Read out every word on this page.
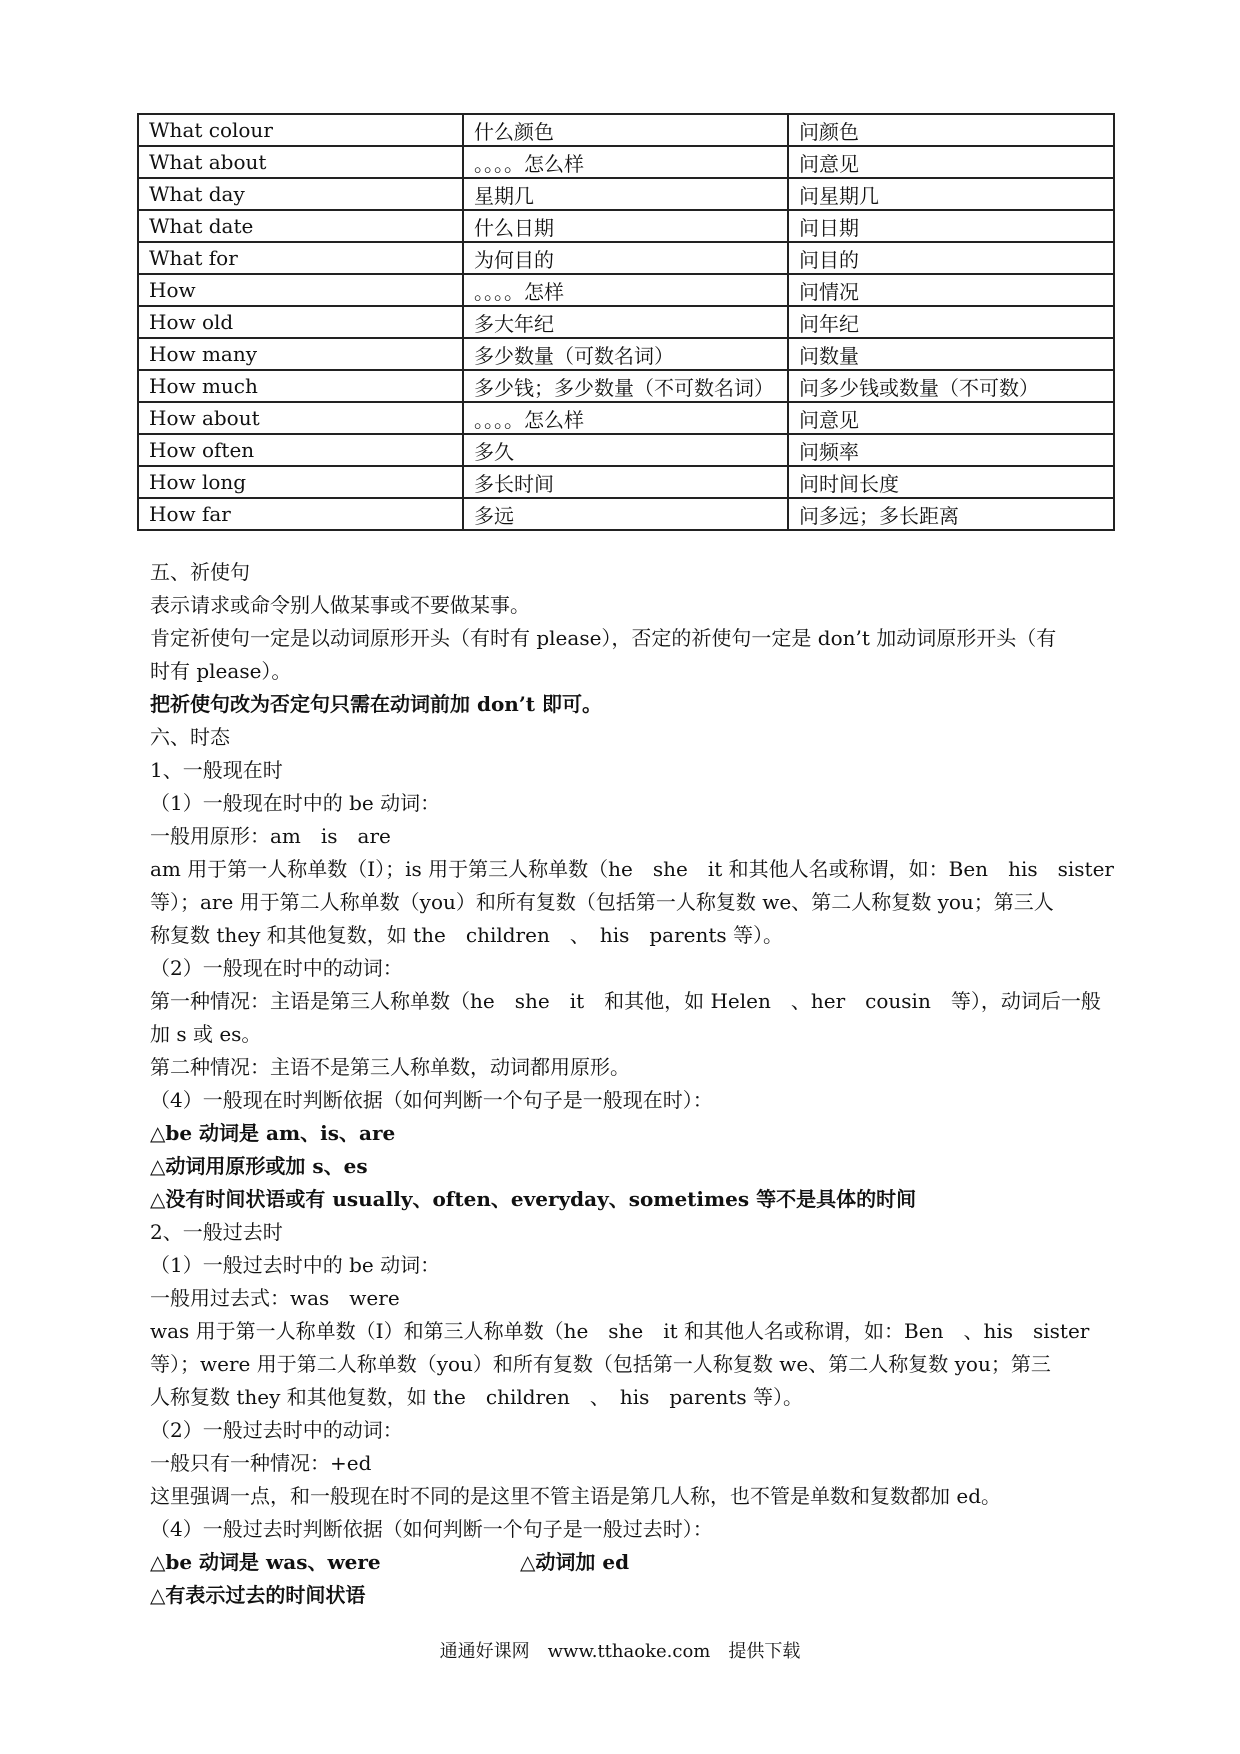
What colour	什么颜色	问颜色
What about	。。。。怎么样	问意见
What day	星期几	问星期几
What date	什么日期	问日期
What for	为何目的	问目的
How	。。。。怎样	问情况
How old	多大年纪	问年纪
How many	多少数量（可数名词）	问数量
How much	多少钱；多少数量（不可数名词）	问多少钱或数量（不可数）
How about	。。。。怎么样	问意见
How often	多久	问频率
How long	多长时间	问时间长度
How far	多远	问多远；多长距离
五、祈使句
表示请求或命令别人做某事或不要做某事。
肯定祈使句一定是以动词原形开头（有时有 please），否定的祈使句一定是 don’t 加动词原形开头（有
时有 please）。
把祈使句改为否定句只需在动词前加 don’t 即可。
六、时态
1、一般现在时
（1）一般现在时中的 be 动词：
一般用原形：am　is　are
am 用于第一人称单数（I）；is 用于第三人称单数（he　she　it 和其他人名或称谓，如：Ben　his　sister
等）；are 用于第二人称单数（you）和所有复数（包括第一人称复数 we、第二人称复数 you；第三人
称复数 they 和其他复数，如 the　children　、　his　parents 等）。
（2）一般现在时中的动词：
第一种情况：主语是第三人称单数（he　she　it　和其他，如 Helen　、her　cousin　等），动词后一般
加 s 或 es。
第二种情况：主语不是第三人称单数，动词都用原形。
（4）一般现在时判断依据（如何判断一个句子是一般现在时）：
△be 动词是 am、is、are
△动词用原形或加 s、es
△没有时间状语或有 usually、often、everyday、sometimes 等不是具体的时间
2、一般过去时
（1）一般过去时中的 be 动词：
一般用过去式：was　were
was 用于第一人称单数（I）和第三人称单数（he　she　it 和其他人名或称谓，如：Ben　、his　sister
等）；were 用于第二人称单数（you）和所有复数（包括第一人称复数 we、第二人称复数 you；第三
人称复数 they 和其他复数，如 the　children　、　his　parents 等）。
（2）一般过去时中的动词：
一般只有一种情况：+ed
这里强调一点，和一般现在时不同的是这里不管主语是第几人称，也不管是单数和复数都加 ed。
（4）一般过去时判断依据（如何判断一个句子是一般过去时）：
△be 动词是 was、were	△动词加 ed
△有表示过去的时间状语
通通好课网　www.tthaoke.com　提供下载
